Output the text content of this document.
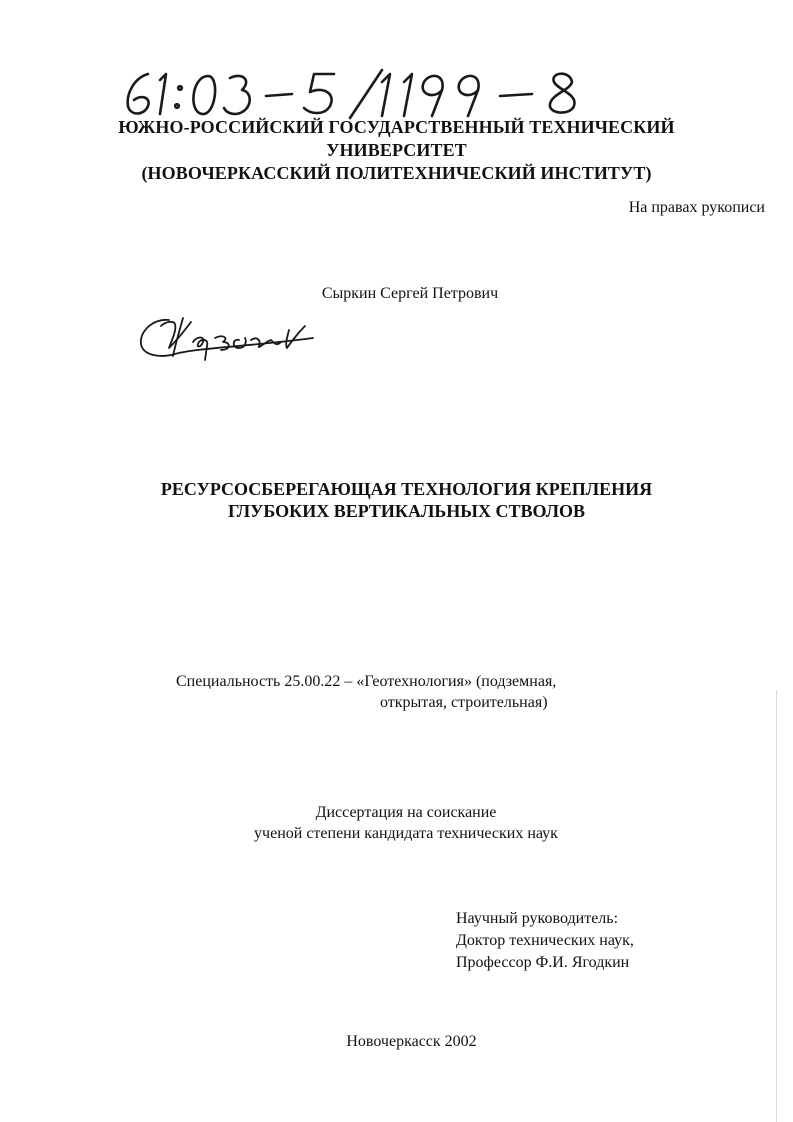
ЮЖНО-РОССИЙСКИЙ ГОСУДАРСТВЕННЫЙ ТЕХНИЧЕСКИЙ
УНИВЕРСИТЕТ
(НОВОЧЕРКАССКИЙ ПОЛИТЕХНИЧЕСКИЙ ИНСТИТУТ)
На правах рукописи
Сыркин Сергей Петрович
РЕСУРСОСБЕРЕГАЮЩАЯ ТЕХНОЛОГИЯ КРЕПЛЕНИЯ
ГЛУБОКИХ ВЕРТИКАЛЬНЫХ СТВОЛОВ
Специальность 25.00.22 – «Геотехнология» (подземная,
открытая, строительная)
Диссертация на соискание
ученой степени кандидата технических наук
Научный руководитель:
Доктор технических наук,
Профессор Ф.И. Ягодкин
Новочеркасск 2002
